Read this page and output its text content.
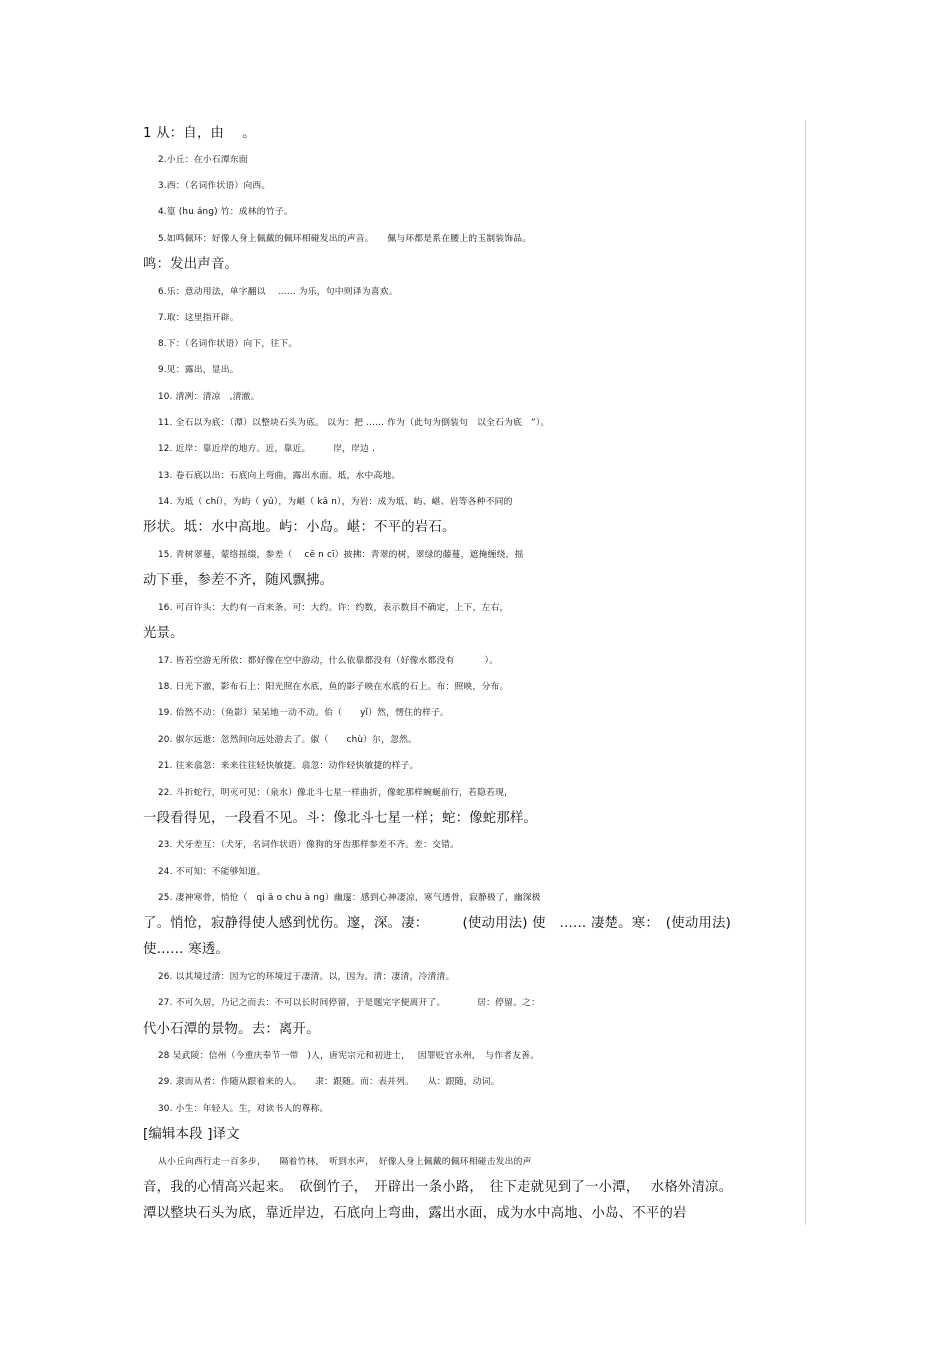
1 从：自，由　 。
2.小丘：在小石潭东面
3.西：（名词作状语）向西。
4.篁 (hu áng) 竹：成林的竹子。
5.如鸣佩环：好像人身上佩戴的佩环相碰发出的声音。　　佩与环都是系在腰上的玉制装饰品。
鸣：发出声音。
6.乐：意动用法，单字翻以　 …… 为乐，句中则译为喜欢。
7.取：这里指开辟。
8.下：（名词作状语）向下，往下。
9.见：露出，显出。
10. 清冽：清凉　,清澈。
11. 全石以为底：（潭）以整块石头为底。 以为：把 …… 作为（此句为倒装句　以全石为底　”）。
12. 近岸：靠近岸的地方。近，靠近。　　　岸，岸边 .
13. 卷石底以出：石底向上弯曲，露出水面。坻，水中高地。
14. 为坻（ chí），为屿（ yǔ），为嵁（ kā n），为岩：成为坻、屿、嵁、岩等各种不同的
形状。坻：水中高地。屿：小岛。嵁：不平的岩石。
15. 青树翠蔓，蒙络摇缀，参差（　 cē n cī）披拂：青翠的树，翠绿的藤蔓，遮掩缠绕，摇
动下垂，参差不齐，随风飘拂。
16. 可百许头：大约有一百来条。可：大约。许：约数，表示数目不确定，上下，左右，
光景。
17. 皆若空游无所依：都好像在空中游动，什么依靠都没有（好像水都没有　　　 ）。
18. 日光下澈，影布石上：阳光照在水底，鱼的影子映在水底的石上。布：照映，分布。
19. 佁然不动：（鱼影）呆呆地一动不动。佁（　　yǐ）然，愣住的样子。
20. 俶尔远逝：忽然间向远处游去了。俶（　　chù）尔，忽然。
21. 往来翕忽：来来往往轻快敏捷。翕忽：动作轻快敏捷的样子。
22. 斗折蛇行，明灭可见：（泉水）像北斗七星一样曲折，像蛇那样蜿蜒前行，若隐若现，
一段看得见，一段看不见。斗：像北斗七星一样；蛇：像蛇那样。
23. 犬牙差互：（犬牙，名词作状语）像狗的牙齿那样参差不齐。差：交错。
24. 不可知：不能够知道。
25. 凄神寒骨，悄怆（　qi ǎ o chu à ng）幽邃：感到心神凄凉，寒气透骨，寂静极了，幽深极
了。悄怆，寂静得使人感到忧伤。邃，深。凄：　　　(使动用法) 使　…… 凄楚。寒：　(使动用法)
使…… 寒透。
26. 以其境过清：因为它的环境过于凄清。以，因为。清：凄清，冷清清。
27. 不可久居，乃记之而去：不可以长时间停留，于是题完字便离开了。　　　　居：停留。之：
代小石潭的景物。去：离开。
28 吴武陵：信州（今重庆奉节一带　)人，唐宪宗元和初进士，　 因罪贬官永州，　与作者友善。
29. 隶而从者：作随从跟着来的人。　　隶：跟随。而：表并列。　　从：跟随，动词。
30. 小生：年轻人。生，对读书人的尊称。
[编辑本段 ]译文
从小丘向西行走一百多步，　　隔着竹林，　听到水声，　好像人身上佩戴的佩环相碰击发出的声
音，我的心情高兴起来。　砍倒竹子，　开辟出一条小路，　往下走就见到了一小潭，　 水格外清凉。
潭以整块石头为底，靠近岸边，石底向上弯曲，露出水面，成为水中高地、小岛、不平的岩
